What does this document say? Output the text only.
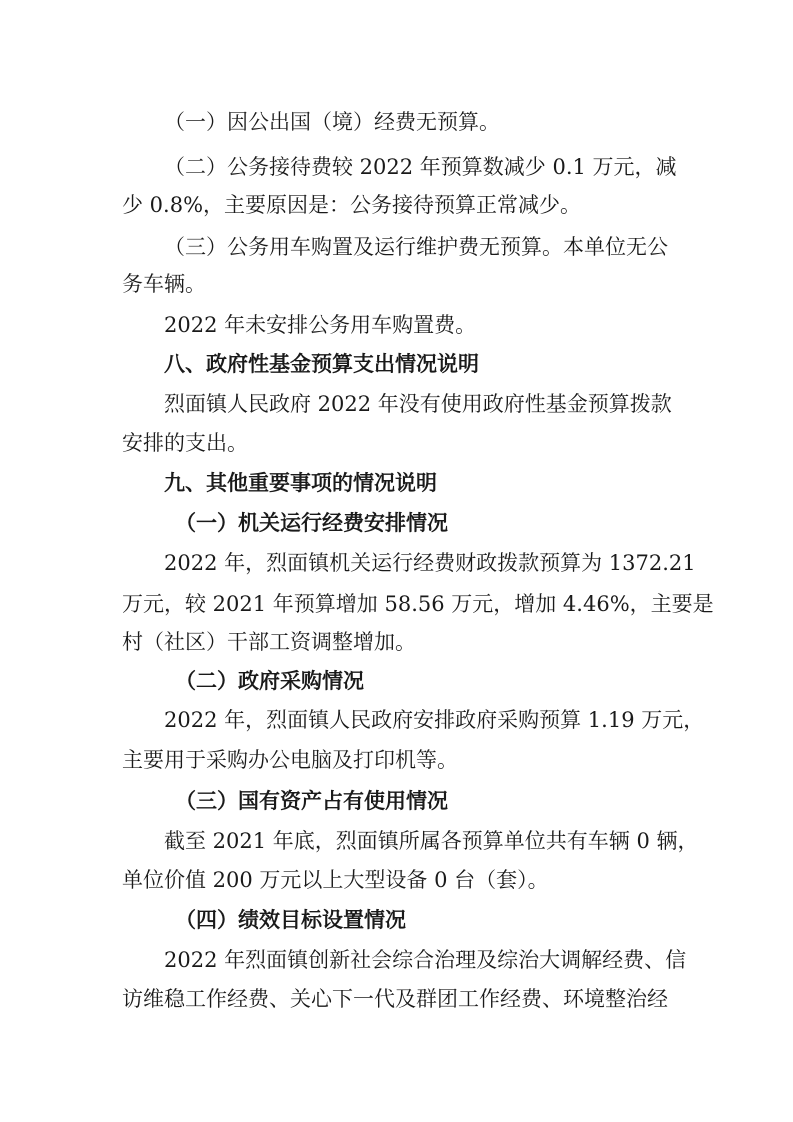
（一）因公出国（境）经费无预算。
（二）公务接待费较 2022 年预算数减少 0.1 万元，减
少 0.8%，主要原因是：公务接待预算正常减少。
（三）公务用车购置及运行维护费无预算。本单位无公
务车辆。
2022 年未安排公务用车购置费。
八、政府性基金预算支出情况说明
烈面镇人民政府 2022 年没有使用政府性基金预算拨款
安排的支出。
九、其他重要事项的情况说明
（一）机关运行经费安排情况
2022 年，烈面镇机关运行经费财政拨款预算为 1372.21
万元，较 2021 年预算增加 58.56 万元，增加 4.46%，主要是
村（社区）干部工资调整增加。
（二）政府采购情况
2022 年，烈面镇人民政府安排政府采购预算 1.19 万元，
主要用于采购办公电脑及打印机等。
（三）国有资产占有使用情况
截至 2021 年底，烈面镇所属各预算单位共有车辆 0 辆，
单位价值 200 万元以上大型设备 0 台（套）。
（四）绩效目标设置情况
2022 年烈面镇创新社会综合治理及综治大调解经费、信
访维稳工作经费、关心下一代及群团工作经费、环境整治经
